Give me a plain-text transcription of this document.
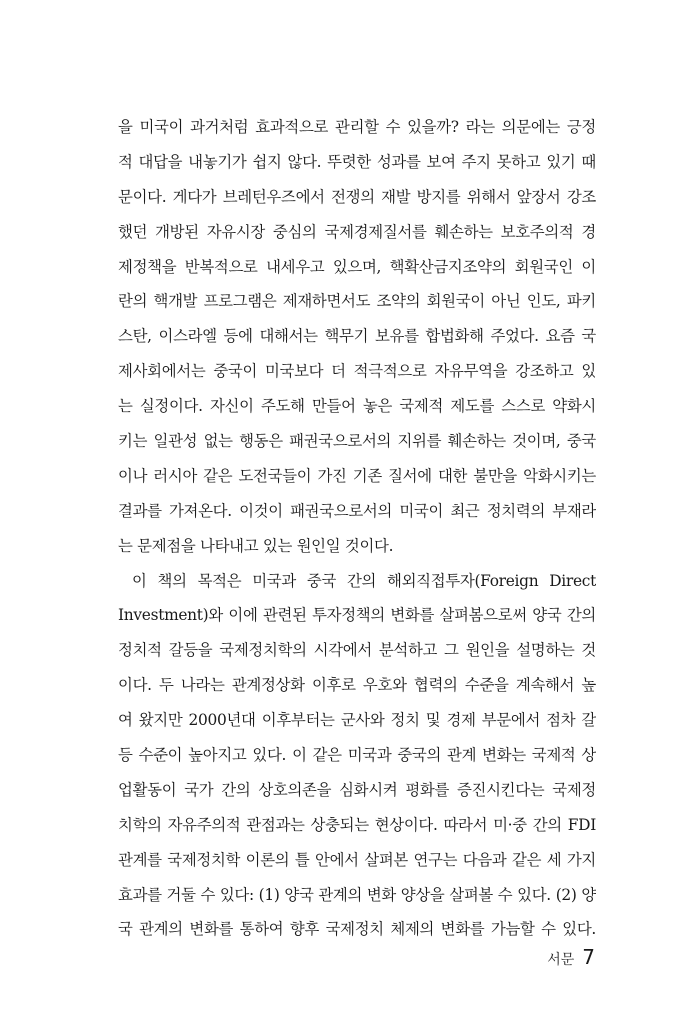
을 미국이 과거처럼 효과적으로 관리할 수 있을까? 라는 의문에는 긍정
적 대답을 내놓기가 쉽지 않다. 뚜렷한 성과를 보여 주지 못하고 있기 때
문이다. 게다가 브레턴우즈에서 전쟁의 재발 방지를 위해서 앞장서 강조
했던 개방된 자유시장 중심의 국제경제질서를 훼손하는 보호주의적 경
제정책을 반복적으로 내세우고 있으며, 핵확산금지조약의 회원국인 이
란의 핵개발 프로그램은 제재하면서도 조약의 회원국이 아닌 인도, 파키
스탄, 이스라엘 등에 대해서는 핵무기 보유를 합법화해 주었다. 요즘 국
제사회에서는 중국이 미국보다 더 적극적으로 자유무역을 강조하고 있
는 실정이다. 자신이 주도해 만들어 놓은 국제적 제도를 스스로 약화시
키는 일관성 없는 행동은 패권국으로서의 지위를 훼손하는 것이며, 중국
이나 러시아 같은 도전국들이 가진 기존 질서에 대한 불만을 악화시키는
결과를 가져온다. 이것이 패권국으로서의 미국이 최근 정치력의 부재라
는 문제점을 나타내고 있는 원인일 것이다.
이 책의 목적은 미국과 중국 간의 해외직접투자(Foreign Direct
Investment)와 이에 관련된 투자정책의 변화를 살펴봄으로써 양국 간의
정치적 갈등을 국제정치학의 시각에서 분석하고 그 원인을 설명하는 것
이다. 두 나라는 관계정상화 이후로 우호와 협력의 수준을 계속해서 높
여 왔지만 2000년대 이후부터는 군사와 정치 및 경제 부문에서 점차 갈
등 수준이 높아지고 있다. 이 같은 미국과 중국의 관계 변화는 국제적 상
업활동이 국가 간의 상호의존을 심화시켜 평화를 증진시킨다는 국제정
치학의 자유주의적 관점과는 상충되는 현상이다. 따라서 미·중 간의 FDI
관계를 국제정치학 이론의 틀 안에서 살펴본 연구는 다음과 같은 세 가지
효과를 거둘 수 있다: (1) 양국 관계의 변화 양상을 살펴볼 수 있다. (2) 양
국 관계의 변화를 통하여 향후 국제정치 체제의 변화를 가늠할 수 있다.
서문 7
